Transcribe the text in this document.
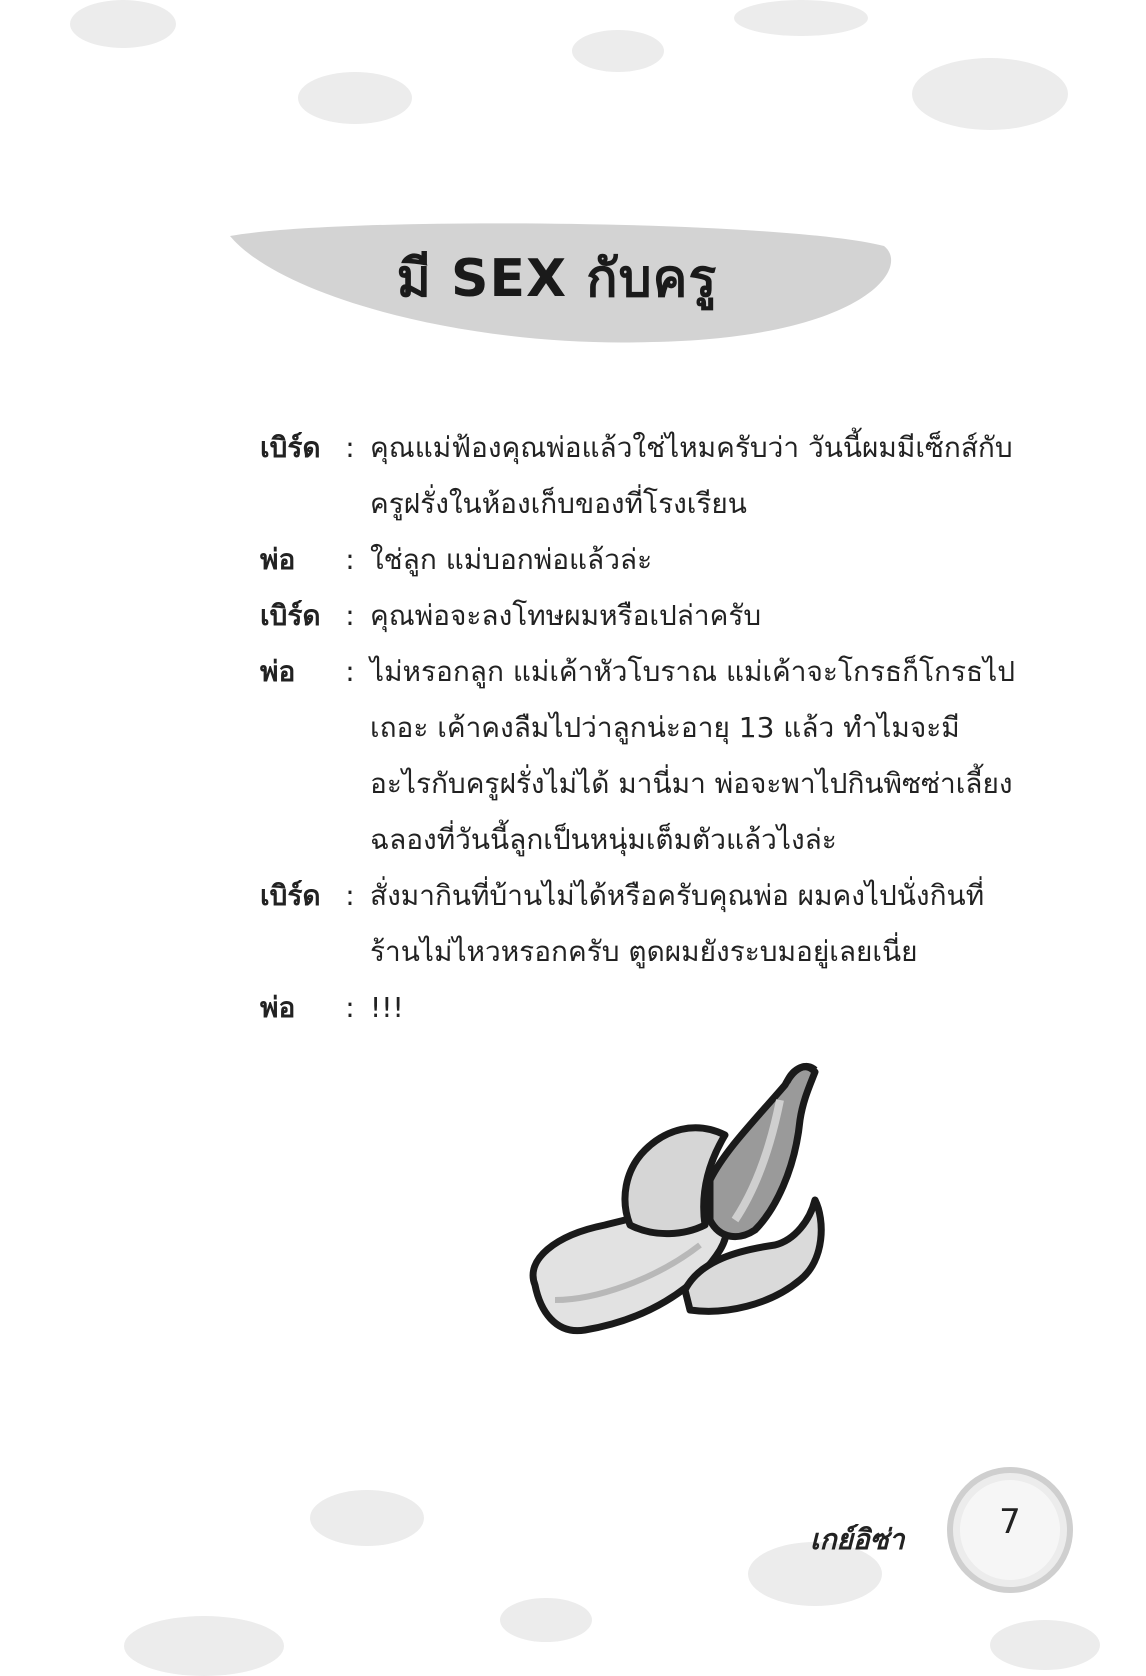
มี SEX กับครู
เบิร์ด : คุณแม่ฟ้องคุณพ่อแล้วใช่ไหมครับว่า วันนี้ผมมีเซ็กส์กับครูฝรั่งในห้องเก็บของที่โรงเรียน
พ่อ	: ใช่ลูก แม่บอกพ่อแล้วล่ะ
เบิร์ด : คุณพ่อจะลงโทษผมหรือเปล่าครับ
พ่อ	: ไม่หรอกลูก แม่เค้าหัวโบราณ แม่เค้าจะโกรธก็โกรธไปเถอะ เค้าคงลืมไปว่าลูกน่ะอายุ 13 แล้ว ทำไมจะมีอะไรกับครูฝรั่งไม่ได้ มานี่มา พ่อจะพาไปกินพิซซ่าเลี้ยงฉลองที่วันนี้ลูกเป็นหนุ่มเต็มตัวแล้วไงล่ะ
เบิร์ด : สั่งมากินที่บ้านไม่ได้หรือครับคุณพ่อ ผมคงไปนั่งกินที่ร้านไม่ไหวหรอกครับ ตูดผมยังระบมอยู่เลยเนี่ย
พ่อ	: !!!
เกย์อิซ่า	7
